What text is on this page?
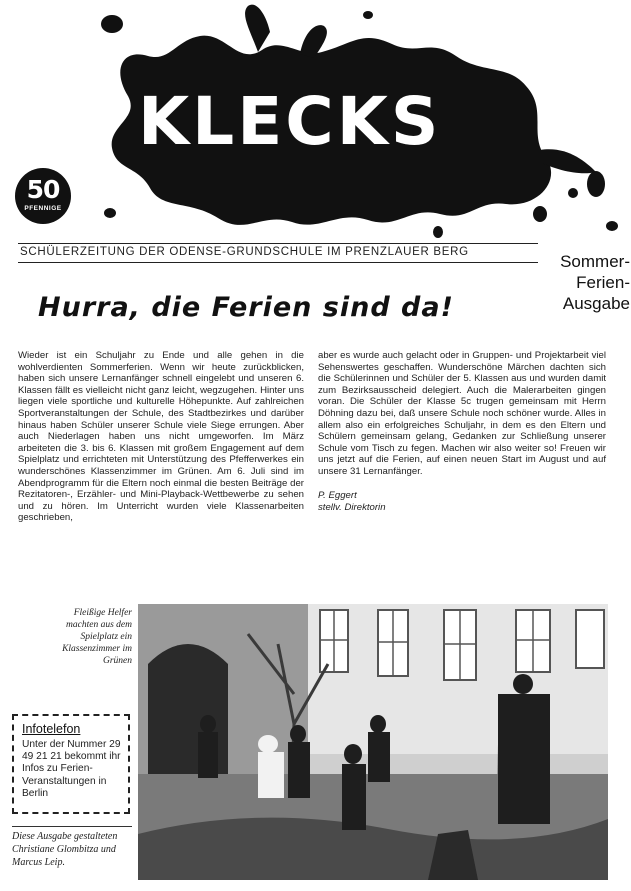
KLECKS
50
PFENNIGE
SCHÜLERZEITUNG DER ODENSE-GRUNDSCHULE IM PRENZLAUER BERG	Sommer-
Ferien-
Ausgabe
Hurra, die Ferien sind da!

Wieder ist ein Schuljahr zu Ende und alle gehen in die wohlverdienten Sommerferien. Wenn wir heute zurückblicken, haben sich unsere Lernanfänger schnell eingelebt und unseren 6. Klassen fällt es vielleicht nicht ganz leicht, wegzugehen. Hinter uns liegen viele sportliche und kulturelle Höhepunkte. Auf zahlreichen Sportveranstaltungen der Schule, des Stadtbezirkes und darüber hinaus haben Schüler unserer Schule viele Siege errungen. Aber auch Niederlagen haben uns nicht umgeworfen. Im März arbeiteten die 3. bis 6. Klassen mit großem Engagement auf dem Spielplatz und errichteten mit Unterstützung des Pfefferwerkes ein wunderschönes Klassenzimmer im Grünen. Am 6. Juli sind im Abendprogramm für die Eltern noch einmal die besten Beiträge der Rezitatoren-, Erzähler- und Mini-Playback-Wettbewerbe zu sehen und zu hören. Im Unterricht wurden viele Klassenarbeiten geschrieben,

aber es wurde auch gelacht oder in Gruppen- und Projektarbeit viel Sehenswertes geschaffen. Wunderschöne Märchen dachten sich die Schülerinnen und Schüler der 5. Klassen aus und wurden damit zum Bezirksausscheid delegiert. Auch die Malerarbeiten gingen voran. Die Schüler der Klasse 5c trugen gemeinsam mit Herrn Döhning dazu bei, daß unsere Schule noch schöner wurde. Alles in allem also ein erfolgreiches Schuljahr, in dem es den Eltern und Schülern gemeinsam gelang, Gedanken zur Schließung unserer Schule vom Tisch zu fegen. Machen wir also weiter so! Freuen wir uns jetzt auf die Ferien, auf einen neuen Start im August und auf unsere 31 Lernanfänger.

P. Eggert
stellv. Direktorin
Fleißige Helfer machten aus dem Spielplatz ein Klassenzimmer im Grünen
Infotelefon
Unter der Nummer 29 49 21 21 bekommt ihr Infos zu Ferien-Veranstaltungen in Berlin
Diese Ausgabe gestalteten Christiane Glombitza und Marcus Leip.
